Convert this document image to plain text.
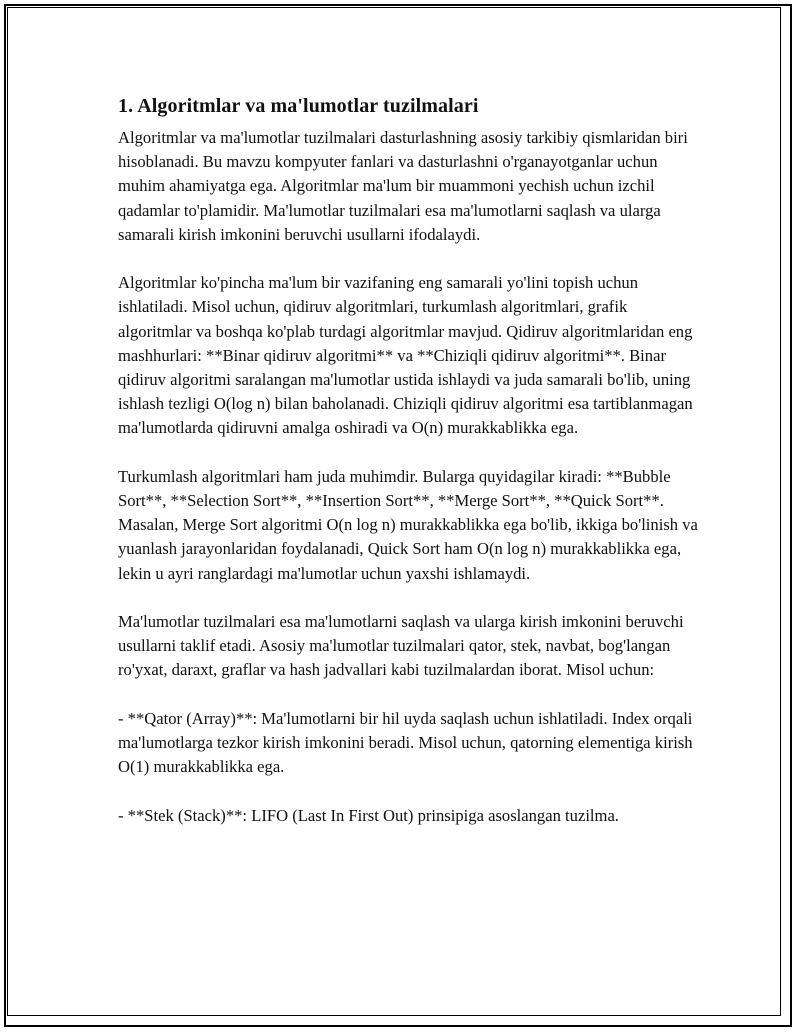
1. Algoritmlar va ma'lumotlar tuzilmalari

Algoritmlar va ma'lumotlar tuzilmalari dasturlashning asosiy tarkibiy qismlaridan biri hisoblanadi. Bu mavzu kompyuter fanlari va dasturlashni o'rganayotganlar uchun muhim ahamiyatga ega. Algoritmlar ma'lum bir muammoni yechish uchun izchil qadamlar to'plamidir. Ma'lumotlar tuzilmalari esa ma'lumotlarni saqlash va ularga samarali kirish imkonini beruvchi usullarni ifodalaydi.

Algoritmlar ko'pincha ma'lum bir vazifaning eng samarali yo'lini topish uchun ishlatiladi. Misol uchun, qidiruv algoritmlari, turkumlash algoritmlari, grafik algoritmlar va boshqa ko'plab turdagi algoritmlar mavjud. Qidiruv algoritmlaridan eng mashhurlari: **Binar qidiruv algoritmi** va **Chiziqli qidiruv algoritmi**. Binar qidiruv algoritmi saralangan ma'lumotlar ustida ishlaydi va juda samarali bo'lib, uning ishlash tezligi O(log n) bilan baholanadi. Chiziqli qidiruv algoritmi esa tartiblanmagan ma'lumotlarda qidiruvni amalga oshiradi va O(n) murakkablikka ega.

Turkumlash algoritmlari ham juda muhimdir. Bularga quyidagilar kiradi: **Bubble Sort**, **Selection Sort**, **Insertion Sort**, **Merge Sort**, **Quick Sort**. Masalan, Merge Sort algoritmi O(n log n) murakkablikka ega bo'lib, ikkiga bo'linish va yuanlash jarayonlaridan foydalanadi, Quick Sort ham O(n log n) murakkablikka ega, lekin u ayri ranglardagi ma'lumotlar uchun yaxshi ishlamaydi.

Ma'lumotlar tuzilmalari esa ma'lumotlarni saqlash va ularga kirish imkonini beruvchi usullarni taklif etadi. Asosiy ma'lumotlar tuzilmalari qator, stek, navbat, bog'langan ro'yxat, daraxt, graflar va hash jadvallari kabi tuzilmalardan iborat. Misol uchun:

- **Qator (Array)**: Ma'lumotlarni bir hil uyda saqlash uchun ishlatiladi. Index orqali ma'lumotlarga tezkor kirish imkonini beradi. Misol uchun, qatorning elementiga kirish O(1) murakkablikka ega.

- **Stek (Stack)**: LIFO (Last In First Out) prinsipiga asoslangan tuzilma.
